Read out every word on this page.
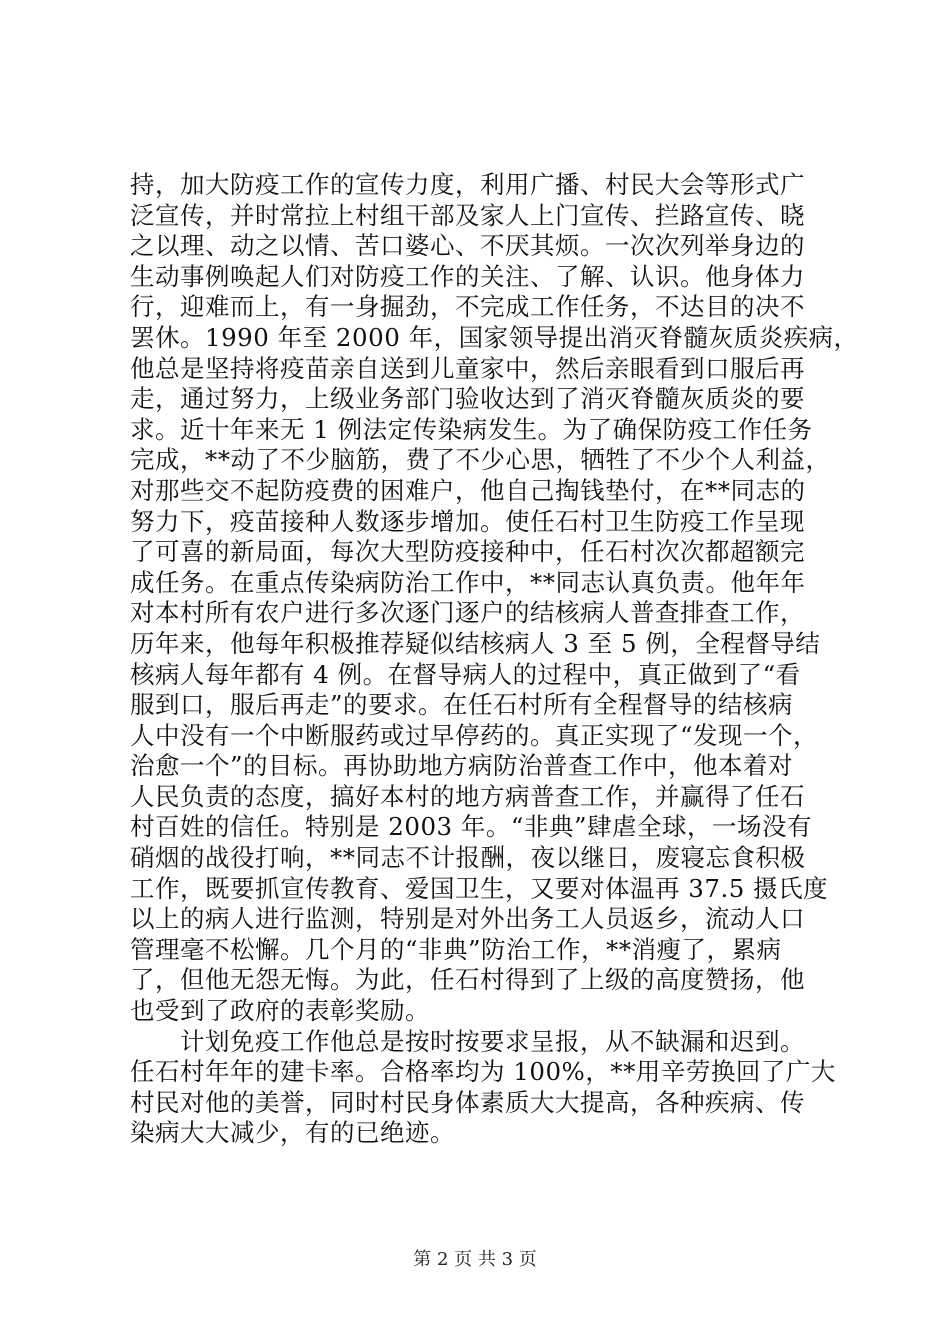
持，加大防疫工作的宣传力度，利用广播、村民大会等形式广
泛宣传，并时常拉上村组干部及家人上门宣传、拦路宣传、晓
之以理、动之以情、苦口婆心、不厌其烦。一次次列举身边的
生动事例唤起人们对防疫工作的关注、了解、认识。他身体力
行，迎难而上，有一身掘劲，不完成工作任务，不达目的决不
罢休。1990 年至 2000 年，国家领导提出消灭脊髓灰质炎疾病，
他总是坚持将疫苗亲自送到儿童家中，然后亲眼看到口服后再
走，通过努力，上级业务部门验收达到了消灭脊髓灰质炎的要
求。近十年来无 1 例法定传染病发生。为了确保防疫工作任务
完成，**动了不少脑筋，费了不少心思，牺牲了不少个人利益，
对那些交不起防疫费的困难户，他自己掏钱垫付，在**同志的
努力下，疫苗接种人数逐步增加。使任石村卫生防疫工作呈现
了可喜的新局面，每次大型防疫接种中，任石村次次都超额完
成任务。在重点传染病防治工作中，**同志认真负责。他年年
对本村所有农户进行多次逐门逐户的结核病人普查排查工作，
历年来，他每年积极推荐疑似结核病人 3 至 5 例，全程督导结
核病人每年都有 4 例。在督导病人的过程中，真正做到了“看
服到口，服后再走”的要求。在任石村所有全程督导的结核病
人中没有一个中断服药或过早停药的。真正实现了“发现一个，
治愈一个”的目标。再协助地方病防治普查工作中，他本着对
人民负责的态度，搞好本村的地方病普查工作，并赢得了任石
村百姓的信任。特别是 2003 年。“非典”肆虐全球，一场没有
硝烟的战役打响，**同志不计报酬，夜以继日，废寝忘食积极
工作，既要抓宣传教育、爱国卫生，又要对体温再 37.5 摄氏度
以上的病人进行监测，特别是对外出务工人员返乡，流动人口
管理毫不松懈。几个月的“非典”防治工作，**消瘦了，累病
了，但他无怨无悔。为此，任石村得到了上级的高度赞扬，他
也受到了政府的表彰奖励。
　　计划免疫工作他总是按时按要求呈报，从不缺漏和迟到。
任石村年年的建卡率。合格率均为 100%，**用辛劳换回了广大
村民对他的美誉，同时村民身体素质大大提高，各种疾病、传
染病大大减少，有的已绝迹。
第 2 页 共 3 页
